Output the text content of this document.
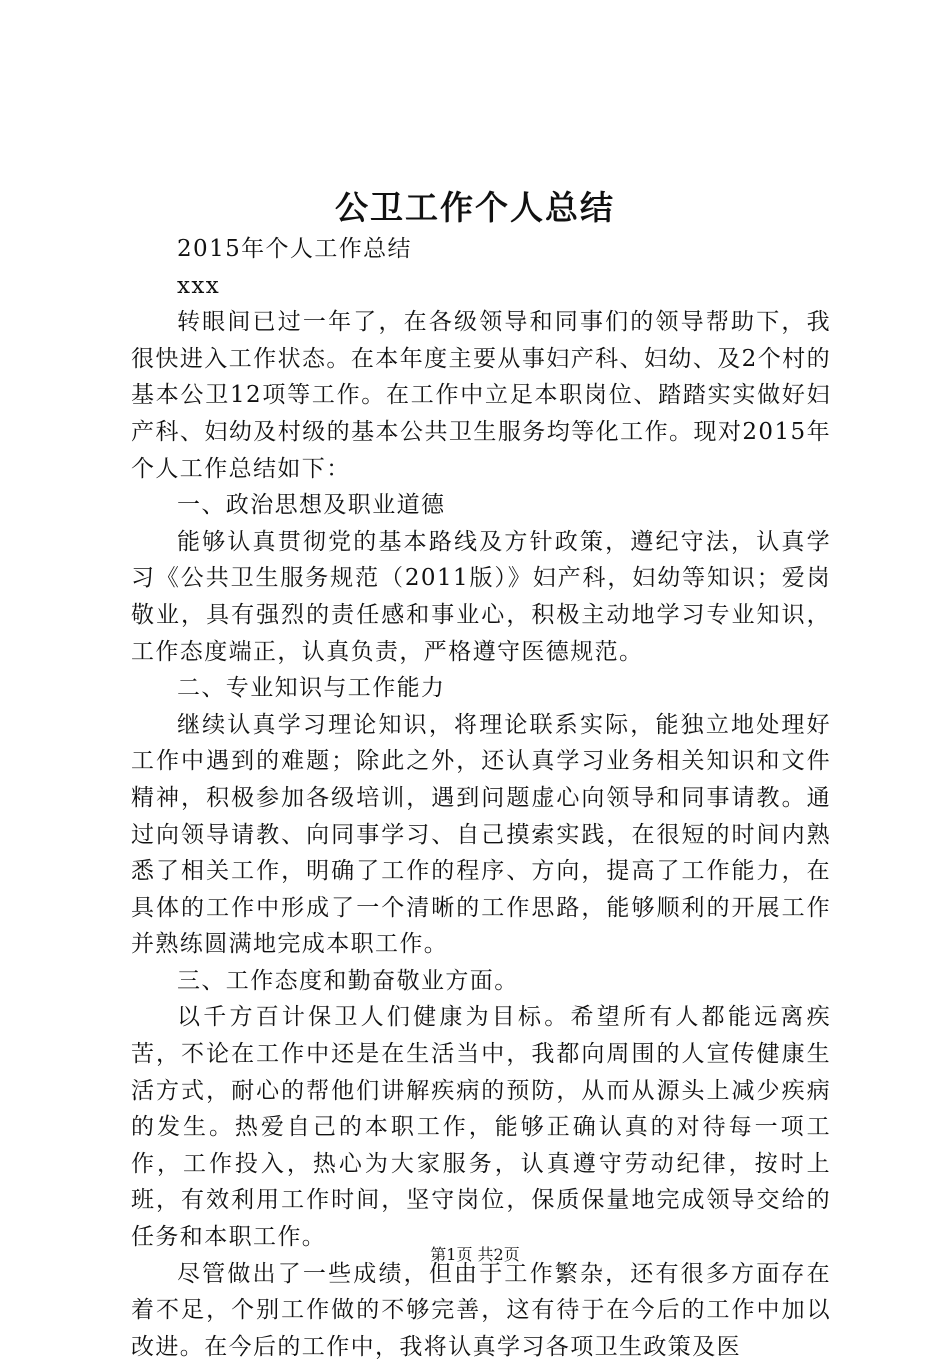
公卫工作个人总结

2015年个人工作总结

xxx

转眼间已过一年了，在各级领导和同事们的领导帮助下，我很快进入工作状态。在本年度主要从事妇产科、妇幼、及2个村的基本公卫12项等工作。在工作中立足本职岗位、踏踏实实做好妇产科、妇幼及村级的基本公共卫生服务均等化工作。现对2015年个人工作总结如下：

一、政治思想及职业道德

能够认真贯彻党的基本路线及方针政策，遵纪守法，认真学习《公共卫生服务规范（2011版）》妇产科，妇幼等知识；爱岗敬业，具有强烈的责任感和事业心，积极主动地学习专业知识，工作态度端正，认真负责，严格遵守医德规范。

二、专业知识与工作能力

继续认真学习理论知识，将理论联系实际，能独立地处理好工作中遇到的难题；除此之外，还认真学习业务相关知识和文件精神，积极参加各级培训，遇到问题虚心向领导和同事请教。通过向领导请教、向同事学习、自己摸索实践，在很短的时间内熟悉了相关工作，明确了工作的程序、方向，提高了工作能力，在具体的工作中形成了一个清晰的工作思路，能够顺利的开展工作并熟练圆满地完成本职工作。

三、工作态度和勤奋敬业方面。

以千方百计保卫人们健康为目标。希望所有人都能远离疾苦，不论在工作中还是在生活当中，我都向周围的人宣传健康生活方式，耐心的帮他们讲解疾病的预防，从而从源头上减少疾病的发生。热爱自己的本职工作，能够正确认真的对待每一项工作，工作投入，热心为大家服务，认真遵守劳动纪律，按时上班，有效利用工作时间，坚守岗位，保质保量地完成领导交给的任务和本职工作。

尽管做出了一些成绩，但由于工作繁杂，还有很多方面存在着不足，个别工作做的不够完善，这有待于在今后的工作中加以改进。在今后的工作中，我将认真学习各项卫生政策及医

第1页 共2页
